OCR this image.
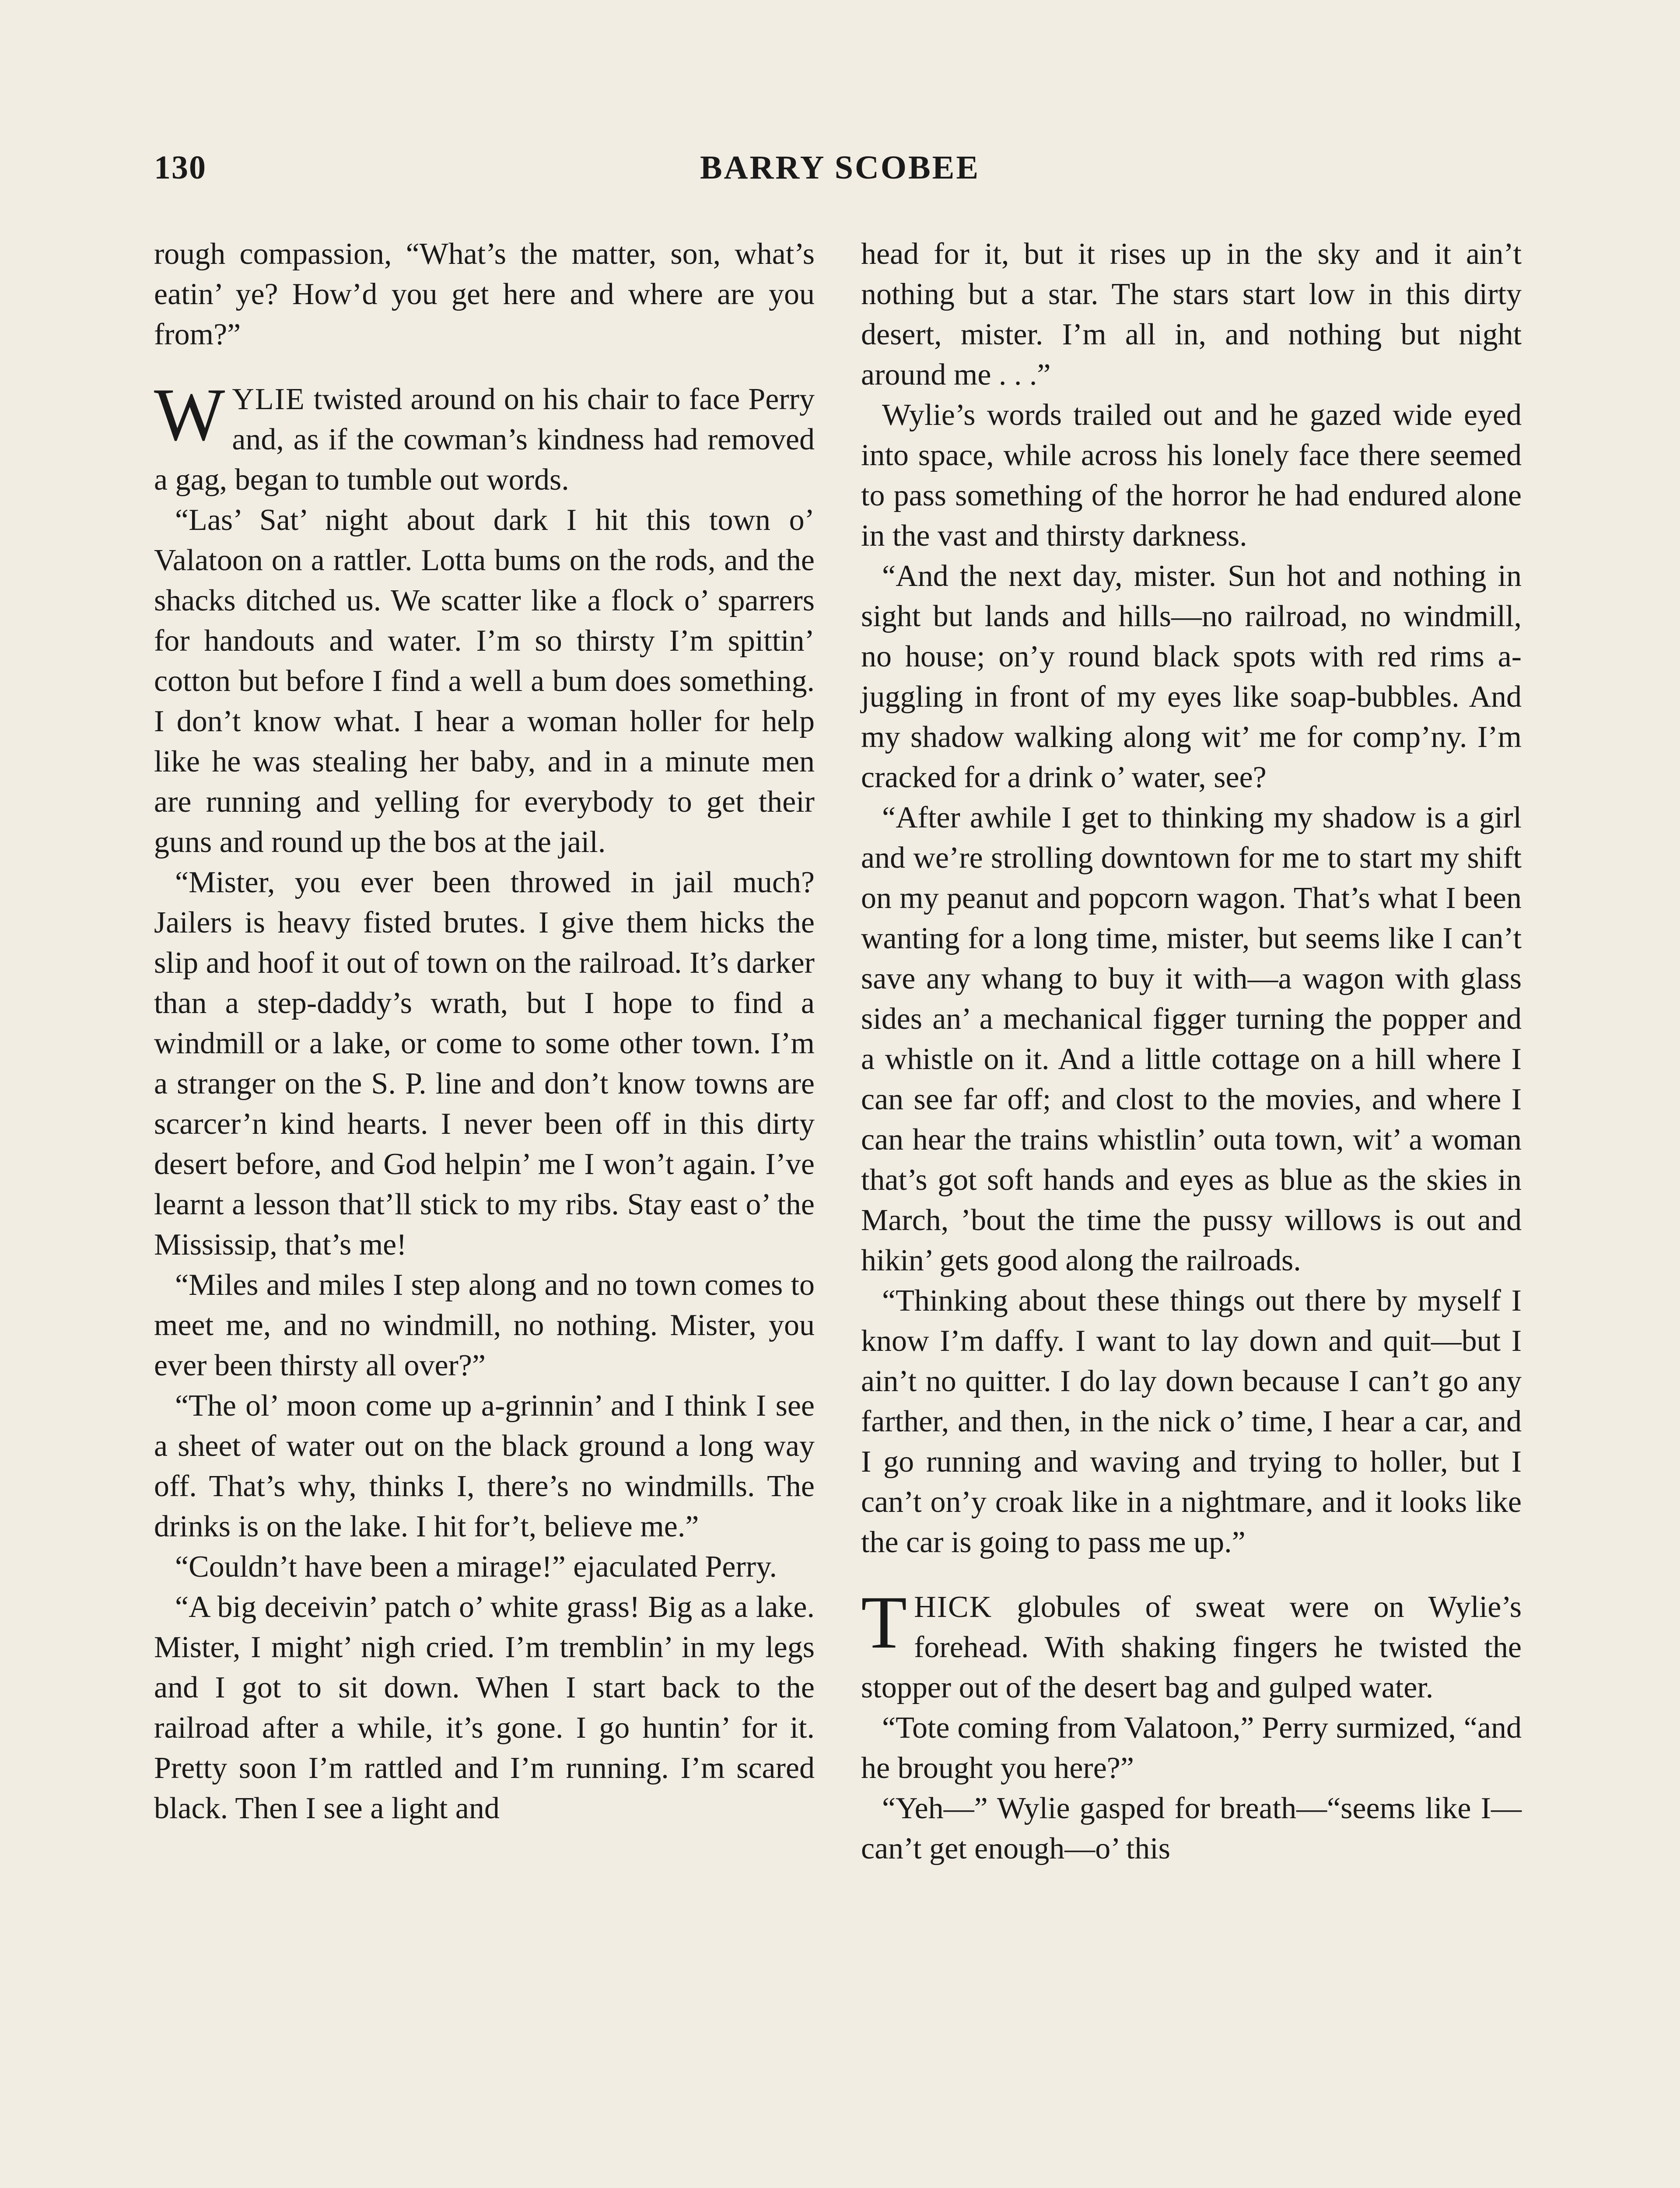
130	BARRY SCOBEE

rough compassion, “What’s the matter, son, what’s eatin’ ye? How’d you get here and where are you from?”

WYLIE twisted around on his chair to face Perry and, as if the cowman’s kindness had removed a gag, began to tumble out words.

“Las’ Sat’ night about dark I hit this town o’ Valatoon on a rattler. Lotta bums on the rods, and the shacks ditched us. We scatter like a flock o’ sparrers for handouts and water. I’m so thirsty I’m spittin’ cotton but before I find a well a bum does something. I don’t know what. I hear a woman holler for help like he was stealing her baby, and in a minute men are running and yelling for everybody to get their guns and round up the bos at the jail.

“Mister, you ever been throwed in jail much? Jailers is heavy fisted brutes. I give them hicks the slip and hoof it out of town on the railroad. It’s darker than a step-daddy’s wrath, but I hope to find a windmill or a lake, or come to some other town. I’m a stranger on the S. P. line and don’t know towns are scarcer’n kind hearts. I never been off in this dirty desert before, and God helpin’ me I won’t again. I’ve learnt a lesson that’ll stick to my ribs. Stay east o’ the Mississip, that’s me!

“Miles and miles I step along and no town comes to meet me, and no windmill, no nothing. Mister, you ever been thirsty all over?”

“The ol’ moon come up a-grinnin’ and I think I see a sheet of water out on the black ground a long way off. That’s why, thinks I, there’s no windmills. The drinks is on the lake. I hit for’t, believe me.”

“Couldn’t have been a mirage!” ejaculated Perry.

“A big deceivin’ patch o’ white grass! Big as a lake. Mister, I might’ nigh cried. I’m tremblin’ in my legs and I got to sit down. When I start back to the railroad after a while, it’s gone. I go huntin’ for it. Pretty soon I’m rattled and I’m running. I’m scared black. Then I see a light and

head for it, but it rises up in the sky and it ain’t nothing but a star. The stars start low in this dirty desert, mister. I’m all in, and nothing but night around me . . .”

Wylie’s words trailed out and he gazed wide eyed into space, while across his lonely face there seemed to pass something of the horror he had endured alone in the vast and thirsty darkness.

“And the next day, mister. Sun hot and nothing in sight but lands and hills—no railroad, no windmill, no house; on’y round black spots with red rims a-juggling in front of my eyes like soap-bubbles. And my shadow walking along wit’ me for comp’ny. I’m cracked for a drink o’ water, see?

“After awhile I get to thinking my shadow is a girl and we’re strolling downtown for me to start my shift on my peanut and popcorn wagon. That’s what I been wanting for a long time, mister, but seems like I can’t save any whang to buy it with—a wagon with glass sides an’ a mechanical figger turning the popper and a whistle on it. And a little cottage on a hill where I can see far off; and clost to the movies, and where I can hear the trains whistlin’ outa town, wit’ a woman that’s got soft hands and eyes as blue as the skies in March, ’bout the time the pussy willows is out and hikin’ gets good along the railroads.

“Thinking about these things out there by myself I know I’m daffy. I want to lay down and quit—but I ain’t no quitter. I do lay down because I can’t go any farther, and then, in the nick o’ time, I hear a car, and I go running and waving and trying to holler, but I can’t on’y croak like in a nightmare, and it looks like the car is going to pass me up.”

THICK globules of sweat were on Wylie’s forehead. With shaking fingers he twisted the stopper out of the desert bag and gulped water.

“Tote coming from Valatoon,” Perry surmized, “and he brought you here?”

“Yeh—” Wylie gasped for breath—“seems like I—can’t get enough—o’ this
